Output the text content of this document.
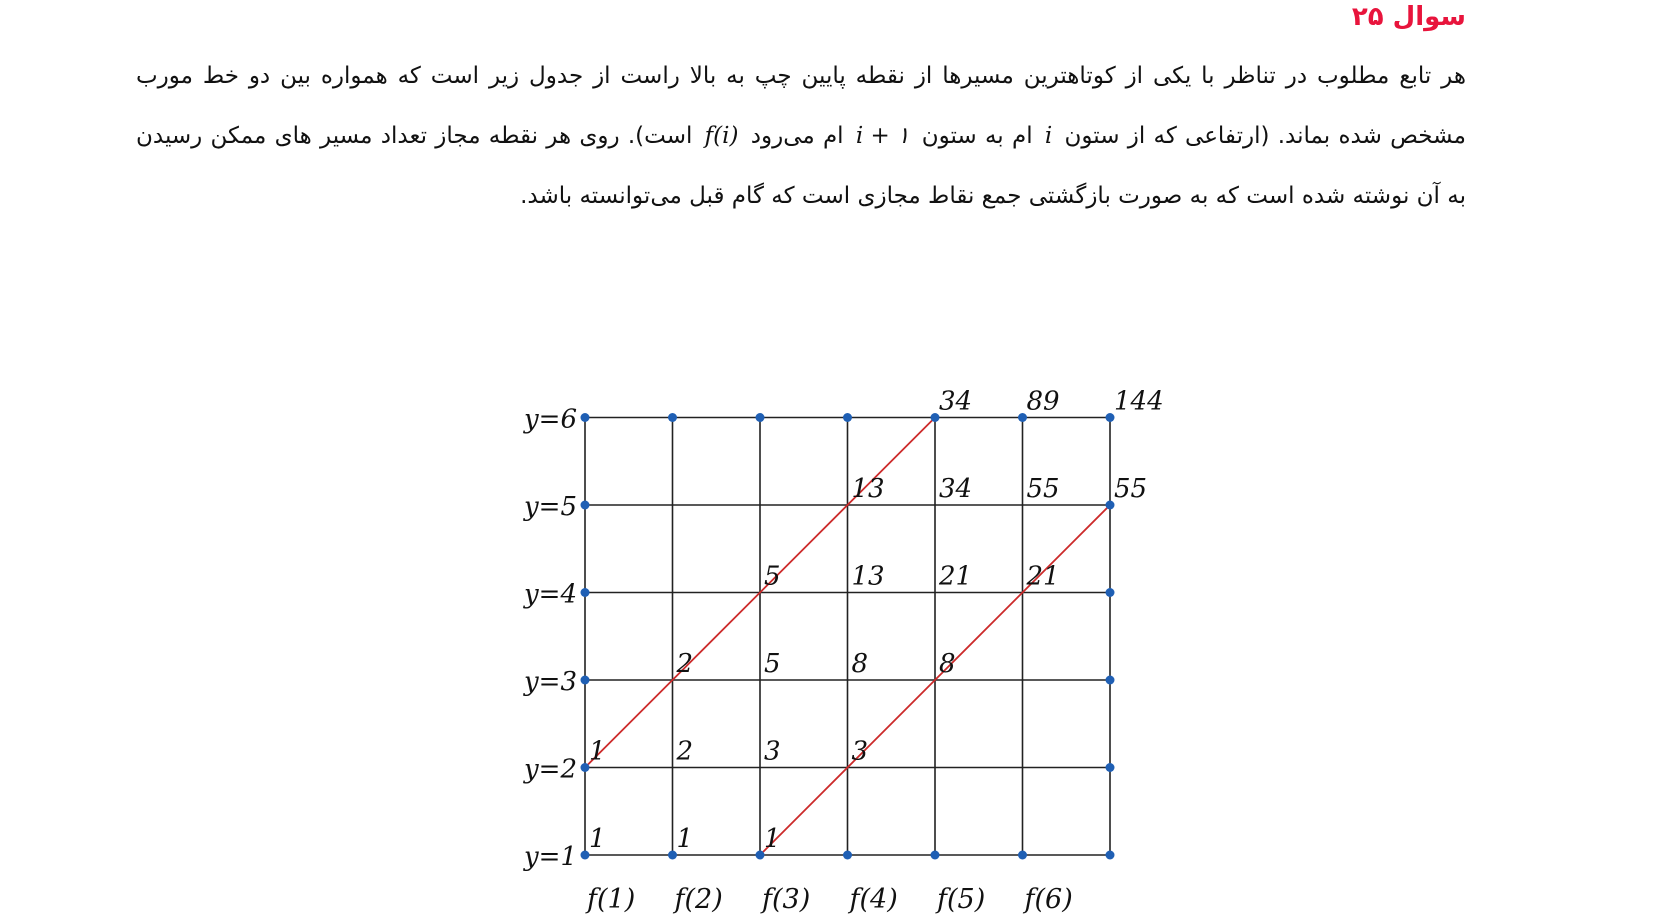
سوال ۲۵

هر تابع مطلوب در تناظر با یکی از کوتاهترین مسیرها از نقطه پایین چپ به بالا راست از جدول زیر است که همواره بین دو خط مورب مشخص شده بماند. (ارتفاعی که از ستون i ام به ستون i + ۱ ام می‌رود f(i) است). روی هر نقطه مجاز تعداد مسیر های ممکن رسیدن به آن نوشته شده است که به صورت بازگشتی جمع نقاط مجازی است که گام قبل می‌توانسته باشد.

1	1	1
1	2	3	3
2	5	8	8
5	13 21 21
13 34 55 55
34 89 144
y=1
y=2
y=3
y=4
y=5
y=6
f(1) f(2) f(3) f(4) f(5) f(6)
